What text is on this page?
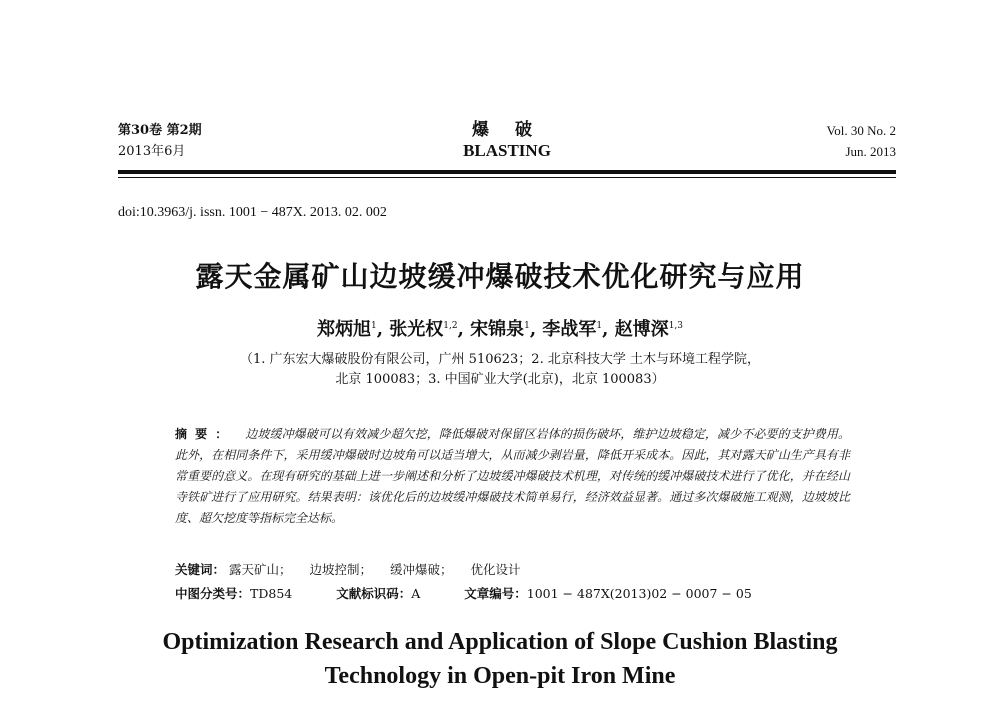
第30卷 第2期
2013年6月
爆 破
BLASTING
Vol. 30 No. 2
Jun. 2013
doi:10.3963/j. issn. 1001 − 487X. 2013. 02. 002
露天金属矿山边坡缓冲爆破技术优化研究与应用
郑炳旭$^1$, 张光权$^{1,2}$, 宋锦泉$^1$, 李战军$^1$, 赵博深$^{1,3}$
（1. 广东宏大爆破股份有限公司，广州 510623；2. 北京科技大学 土木与环境工程学院，
北京 100083；3. 中国矿业大学(北京)，北京 100083）
摘要： 边坡缓冲爆破可以有效减少超欠挖，降低爆破对保留区岩体的损伤破坏，维护边坡稳定，减少不必要的支护费用。此外，在相同条件下，采用缓冲爆破时边坡角可以适当增大，从而减少剥岩量，降低开采成本。因此，其对露天矿山生产具有非常重要的意义。在现有研究的基础上进一步阐述和分析了边坡缓冲爆破技术机理，对传统的缓冲爆破技术进行了优化，并在经山寺铁矿进行了应用研究。结果表明：该优化后的边坡缓冲爆破技术简单易行，经济效益显著。通过多次爆破施工观测，边坡坡比度、超欠挖度等指标完全达标。
关键词： 露天矿山； 边坡控制； 缓冲爆破； 优化设计
中图分类号：TD854	文献标识码：A	文章编号：1001 − 487X(2013)02 − 0007 − 05
Optimization Research and Application of Slope Cushion Blasting
Technology in Open-pit Iron Mine
